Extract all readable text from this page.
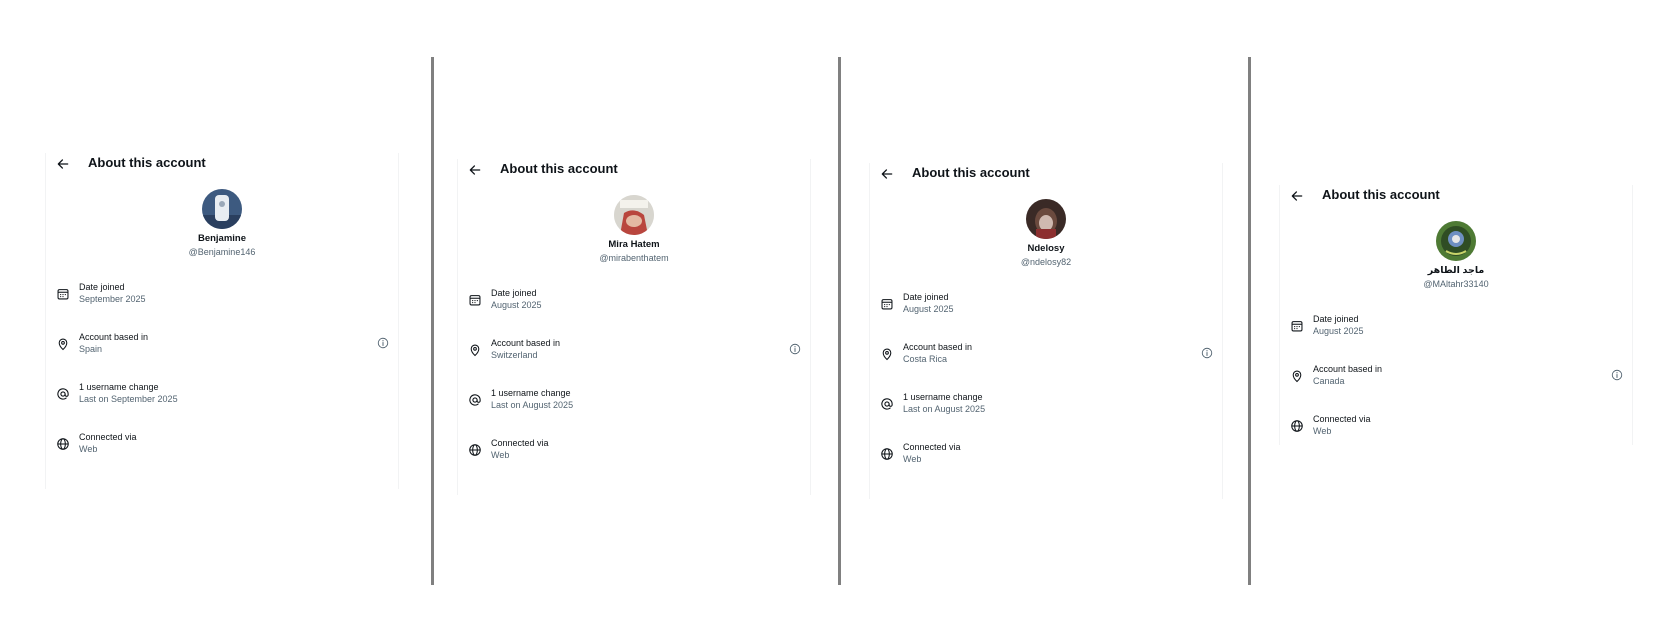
About this account
Benjamine
@Benjamine146
Date joined
September 2025
Account based in
Spain
1 username change
Last on September 2025
Connected via
Web
About this account
Mira Hatem
@mirabenthatem
Date joined
August 2025
Account based in
Switzerland
1 username change
Last on August 2025
Connected via
Web
About this account
Ndelosy
@ndelosy82
Date joined
August 2025
Account based in
Costa Rica
1 username change
Last on August 2025
Connected via
Web
About this account
ماجد الطاهر
@MAltahr33140
Date joined
August 2025
Account based in
Canada
Connected via
Web
